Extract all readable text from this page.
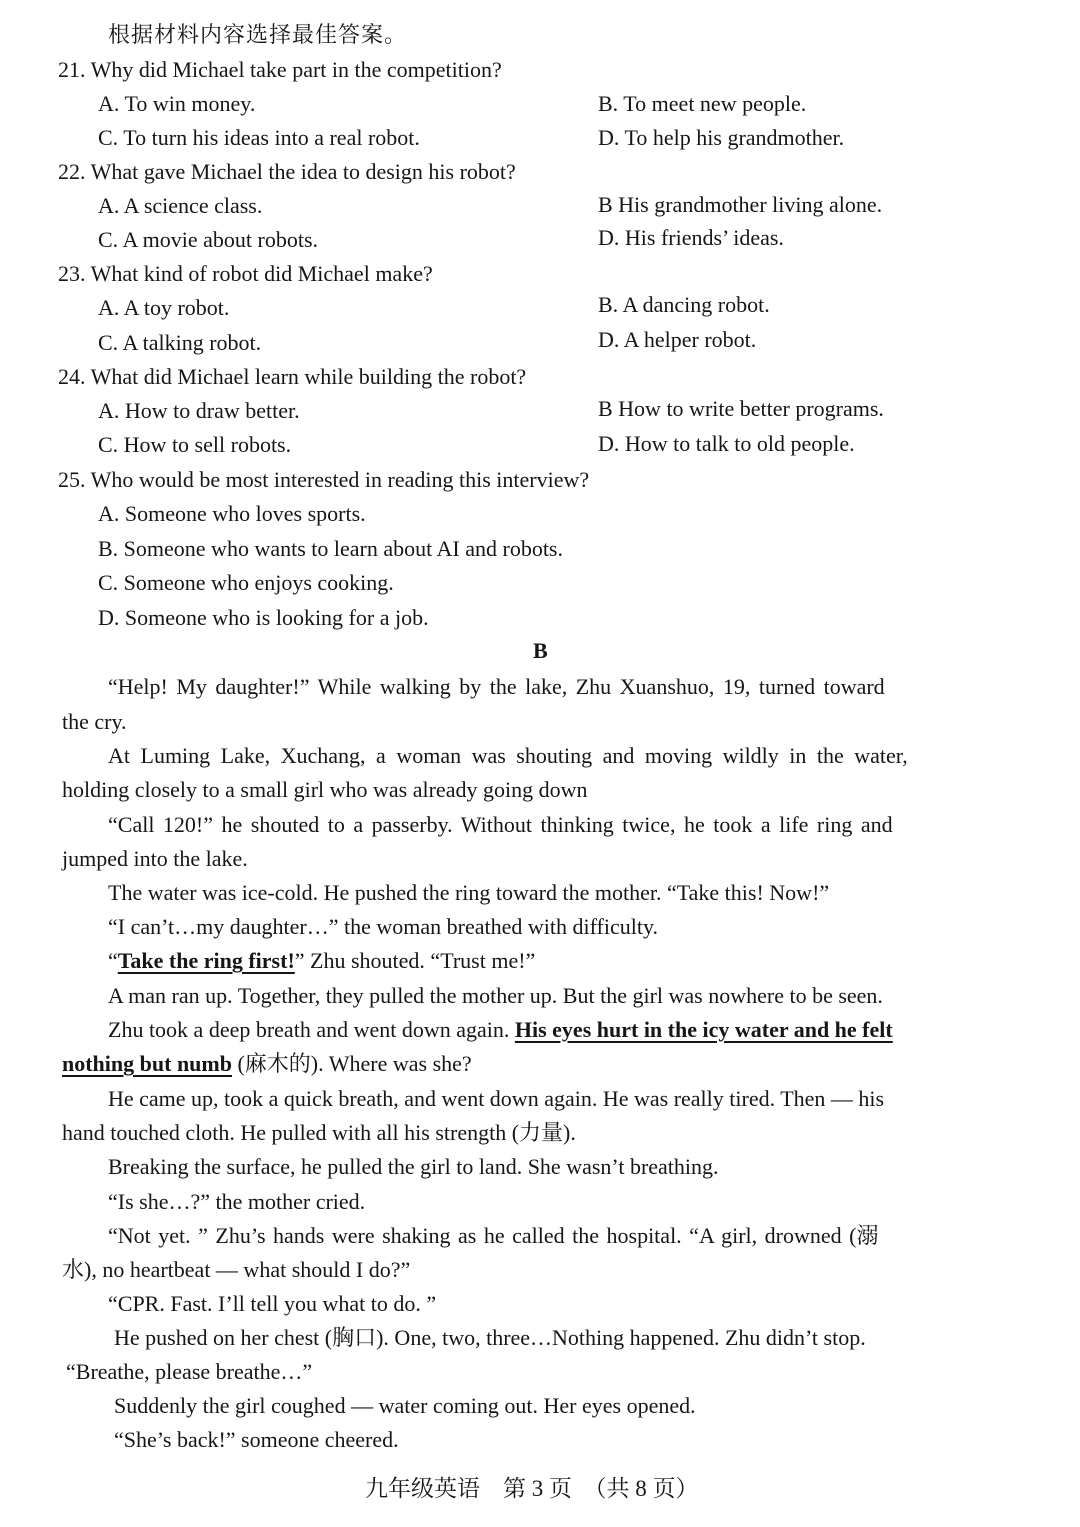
根据材料内容选择最佳答案。
21. Why did Michael take part in the competition?
A. To win money.	B. To meet new people.
C. To turn his ideas into a real robot.	D. To help his grandmother.
22. What gave Michael the idea to design his robot?
A. A science class.	B His grandmother living alone.
C. A movie about robots.	D. His friends’ ideas.
23. What kind of robot did Michael make?
A. A toy robot.	B. A dancing robot.
C. A talking robot.	D. A helper robot.
24. What did Michael learn while building the robot?
A. How to draw better.	B How to write better programs.
C. How to sell robots.	D. How to talk to old people.
25. Who would be most interested in reading this interview?
A. Someone who loves sports.
B. Someone who wants to learn about AI and robots.
C. Someone who enjoys cooking.
D. Someone who is looking for a job.
B
“Help! My daughter!” While walking by the lake, Zhu Xuanshuo, 19, turned toward
the cry.
At Luming Lake, Xuchang, a woman was shouting and moving wildly in the water,
holding closely to a small girl who was already going down
“Call 120!” he shouted to a passerby. Without thinking twice, he took a life ring and
jumped into the lake.
The water was ice-cold. He pushed the ring toward the mother. “Take this! Now!”
“I can’t…my daughter…” the woman breathed with difficulty.
“Take the ring first!” Zhu shouted. “Trust me!”
A man ran up. Together, they pulled the mother up. But the girl was nowhere to be seen.
Zhu took a deep breath and went down again. His eyes hurt in the icy water and he felt
nothing but numb (麻木的). Where was she?
He came up, took a quick breath, and went down again. He was really tired. Then — his
hand touched cloth. He pulled with all his strength (力量).
Breaking the surface, he pulled the girl to land. She wasn’t breathing.
“Is she…?” the mother cried.
“Not yet. ” Zhu’s hands were shaking as he called the hospital. “A girl, drowned (溺
水), no heartbeat — what should I do?”
“CPR. Fast. I’ll tell you what to do. ”
He pushed on her chest (胸口). One, two, three…Nothing happened. Zhu didn’t stop.
“Breathe, please breathe…”
Suddenly the girl coughed — water coming out. Her eyes opened.
“She’s back!” someone cheered.
九年级英语　第 3 页　（共 8 页）
